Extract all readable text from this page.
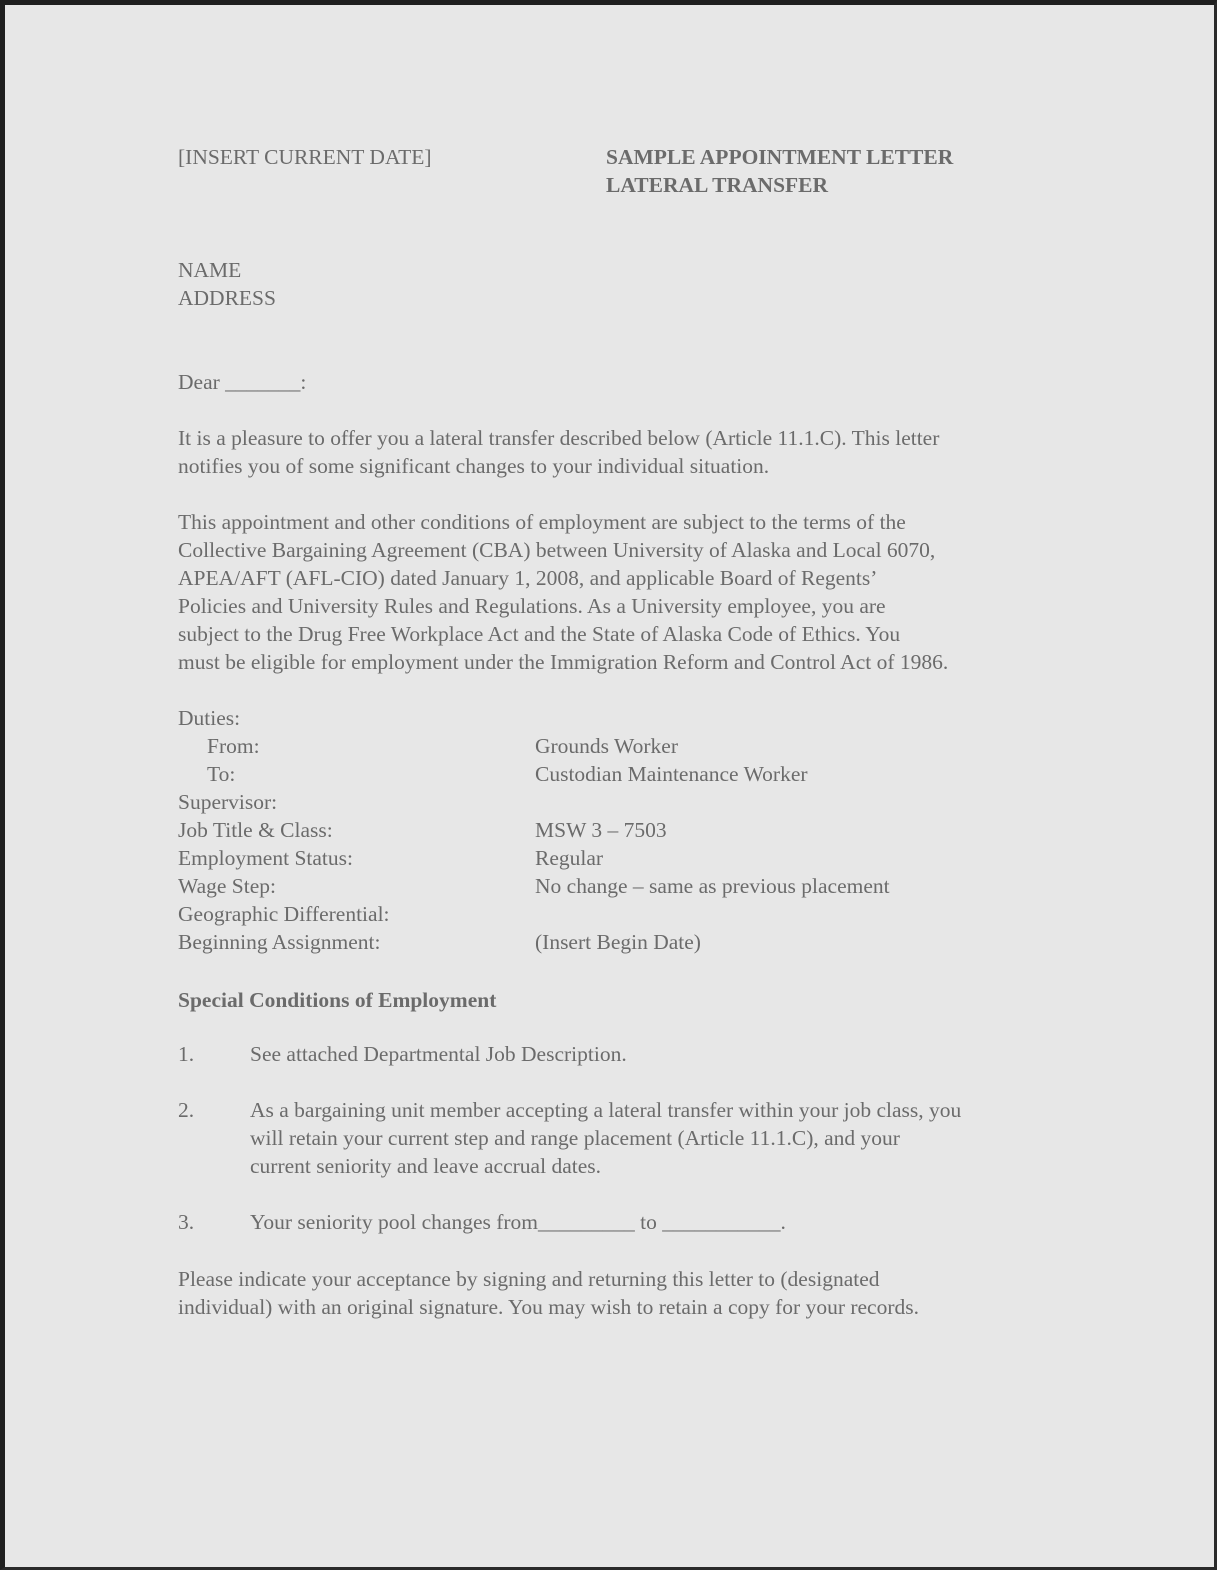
[INSERT CURRENT DATE]	SAMPLE APPOINTMENT LETTER
LATERAL TRANSFER
NAME
ADDRESS
Dear _______:
It is a pleasure to offer you a lateral transfer described below (Article 11.1.C). This letter
notifies you of some significant changes to your individual situation.
This appointment and other conditions of employment are subject to the terms of the
Collective Bargaining Agreement (CBA) between University of Alaska and Local 6070,
APEA/AFT (AFL-CIO) dated January 1, 2008, and applicable Board of Regents’
Policies and University Rules and Regulations. As a University employee, you are
subject to the Drug Free Workplace Act and the State of Alaska Code of Ethics. You
must be eligible for employment under the Immigration Reform and Control Act of 1986.
Duties:
From:	Grounds Worker
To:	Custodian Maintenance Worker
Supervisor:
Job Title & Class:	MSW 3 – 7503
Employment Status:	Regular
Wage Step:	No change – same as previous placement
Geographic Differential:
Beginning Assignment:	(Insert Begin Date)
Special Conditions of Employment
1.	See attached Departmental Job Description.
2.	As a bargaining unit member accepting a lateral transfer within your job class, you
will retain your current step and range placement (Article 11.1.C), and your
current seniority and leave accrual dates.
3.	Your seniority pool changes from_________ to ___________.
Please indicate your acceptance by signing and returning this letter to (designated
individual) with an original signature. You may wish to retain a copy for your records.
